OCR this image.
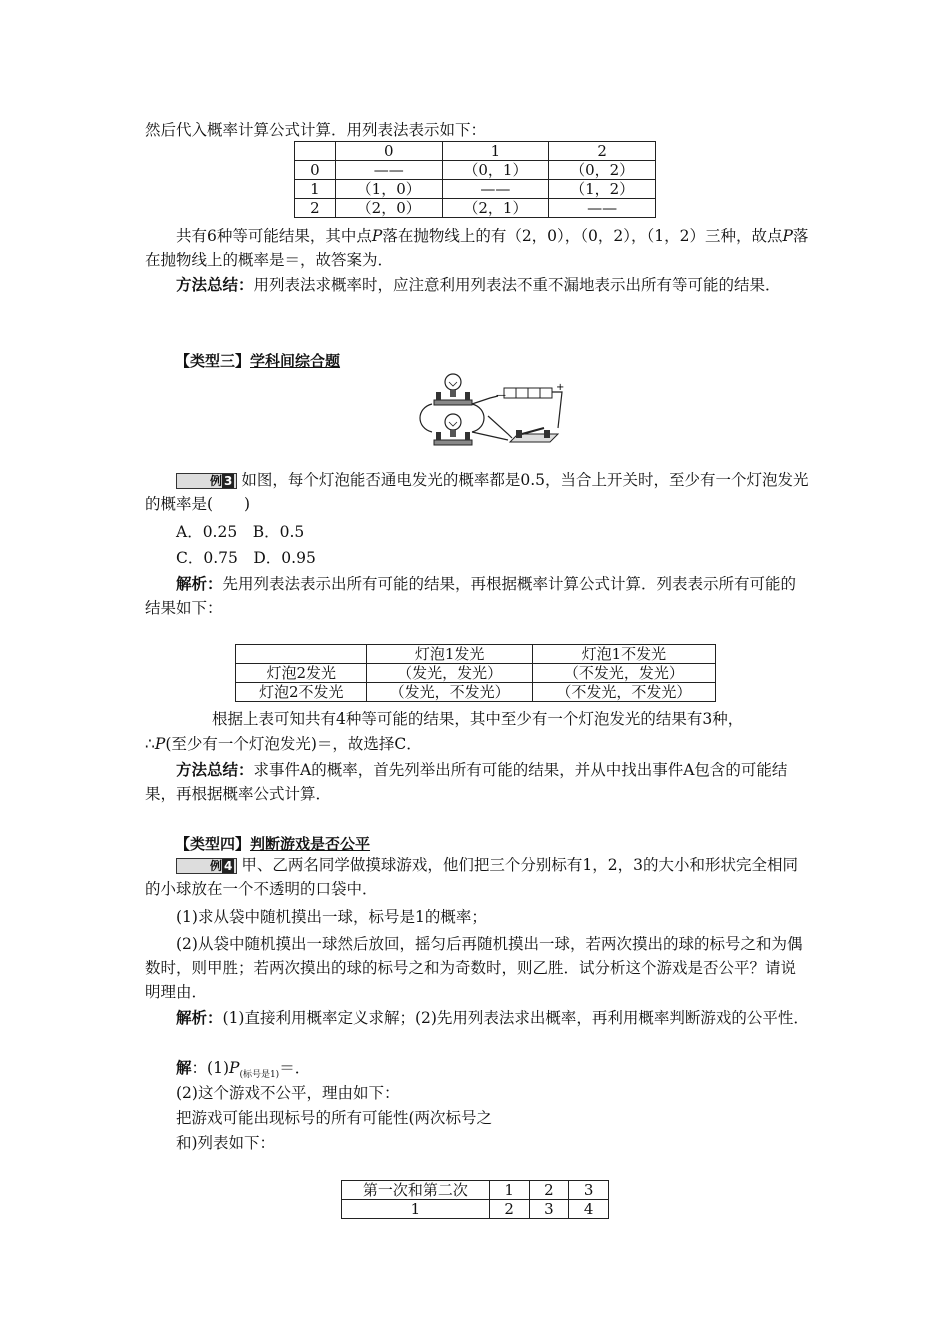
然后代入概率计算公式计算．用列表法表示如下：

	0	1	2
0	——	（0，1）	（0，2）
1	（1，0）	——	（1，2）
2	（2，0）	（2，1）	——

共有6种等可能结果，其中点P落在抛物线上的有（2，0），（0，2），（1，2）三种，故点P落在抛物线上的概率是＝，故答案为．

方法总结：用列表法求概率时，应注意利用列表法不重不漏地表示出所有等可能的结果．

【类型三】学科间综合题
—
+

例 3 如图，每个灯泡能否通电发光的概率都是0.5，当合上开关时，至少有一个灯泡发光的概率是(　　)

A．0.25　B．0.5

C．0.75　D．0.95

解析：先用列表法表示出所有可能的结果，再根据概率计算公式计算．列表表示所有可能的结果如下：

	灯泡1发光	灯泡1不发光
灯泡2发光	（发光，发光）	（不发光，发光）
灯泡2不发光	（发光，不发光）	（不发光，不发光）

根据上表可知共有4种等可能的结果，其中至少有一个灯泡发光的结果有3种，

∴P(至少有一个灯泡发光)＝，故选择C．

方法总结：求事件A的概率，首先列举出所有可能的结果，并从中找出事件A包含的可能结果，再根据概率公式计算．

【类型四】判断游戏是否公平

例 4 甲、乙两名同学做摸球游戏，他们把三个分别标有1，2，3的大小和形状完全相同的小球放在一个不透明的口袋中．

(1)求从袋中随机摸出一球，标号是1的概率；

(2)从袋中随机摸出一球然后放回，摇匀后再随机摸出一球，若两次摸出的球的标号之和为偶数时，则甲胜；若两次摸出的球的标号之和为奇数时，则乙胜．试分析这个游戏是否公平？请说明理由．

解析：(1)直接利用概率定义求解；(2)先用列表法求出概率，再利用概率判断游戏的公平性．

解：$(1)P_{(标号是1)}=$．

(2)这个游戏不公平，理由如下：

把游戏可能出现标号的所有可能性(两次标号之

和)列表如下：

第一次和第二次	1	2	3
1	2	3	4
